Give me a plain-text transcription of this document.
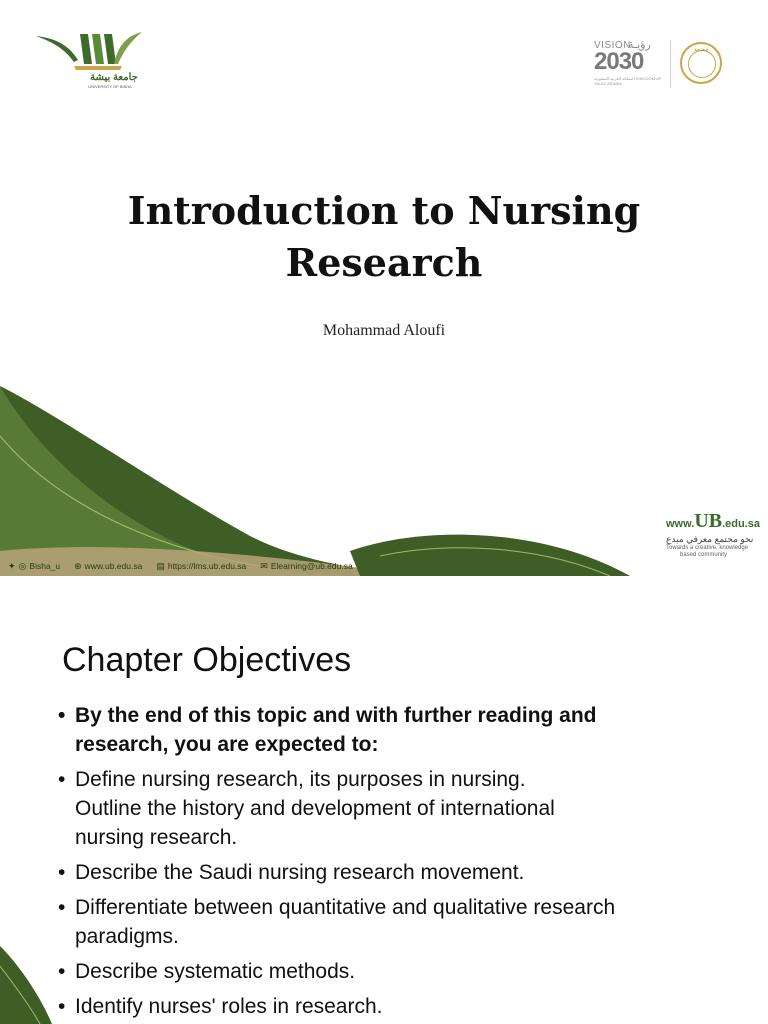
جامعة بيشة
UNIVERSITY OF BISHA
VISION
رؤيـة
2030
المملكة العربية السعودية KINGDOM OF SAUDI ARABIA
معتمد
Introduction to Nursing
Research
Mohammad Aloufi
✦ ◎ Bisha_u ⊕ www.ub.edu.sa ▤ https://lms.ub.edu.sa ✉ Elearning@ub.edu.sa
www.UB.edu.sa
نحو مجتمع معرفي مبدع
Towards a creative, knowledge
based community
Chapter Objectives
• By the end of this topic and with further reading and
research, you are expected to:
• Define nursing research, its purposes in nursing.
Outline the history and development of international
nursing research.
• Describe the Saudi nursing research movement.
• Differentiate between quantitative and qualitative research
paradigms.
• Describe systematic methods.
• Identify nurses' roles in research.
